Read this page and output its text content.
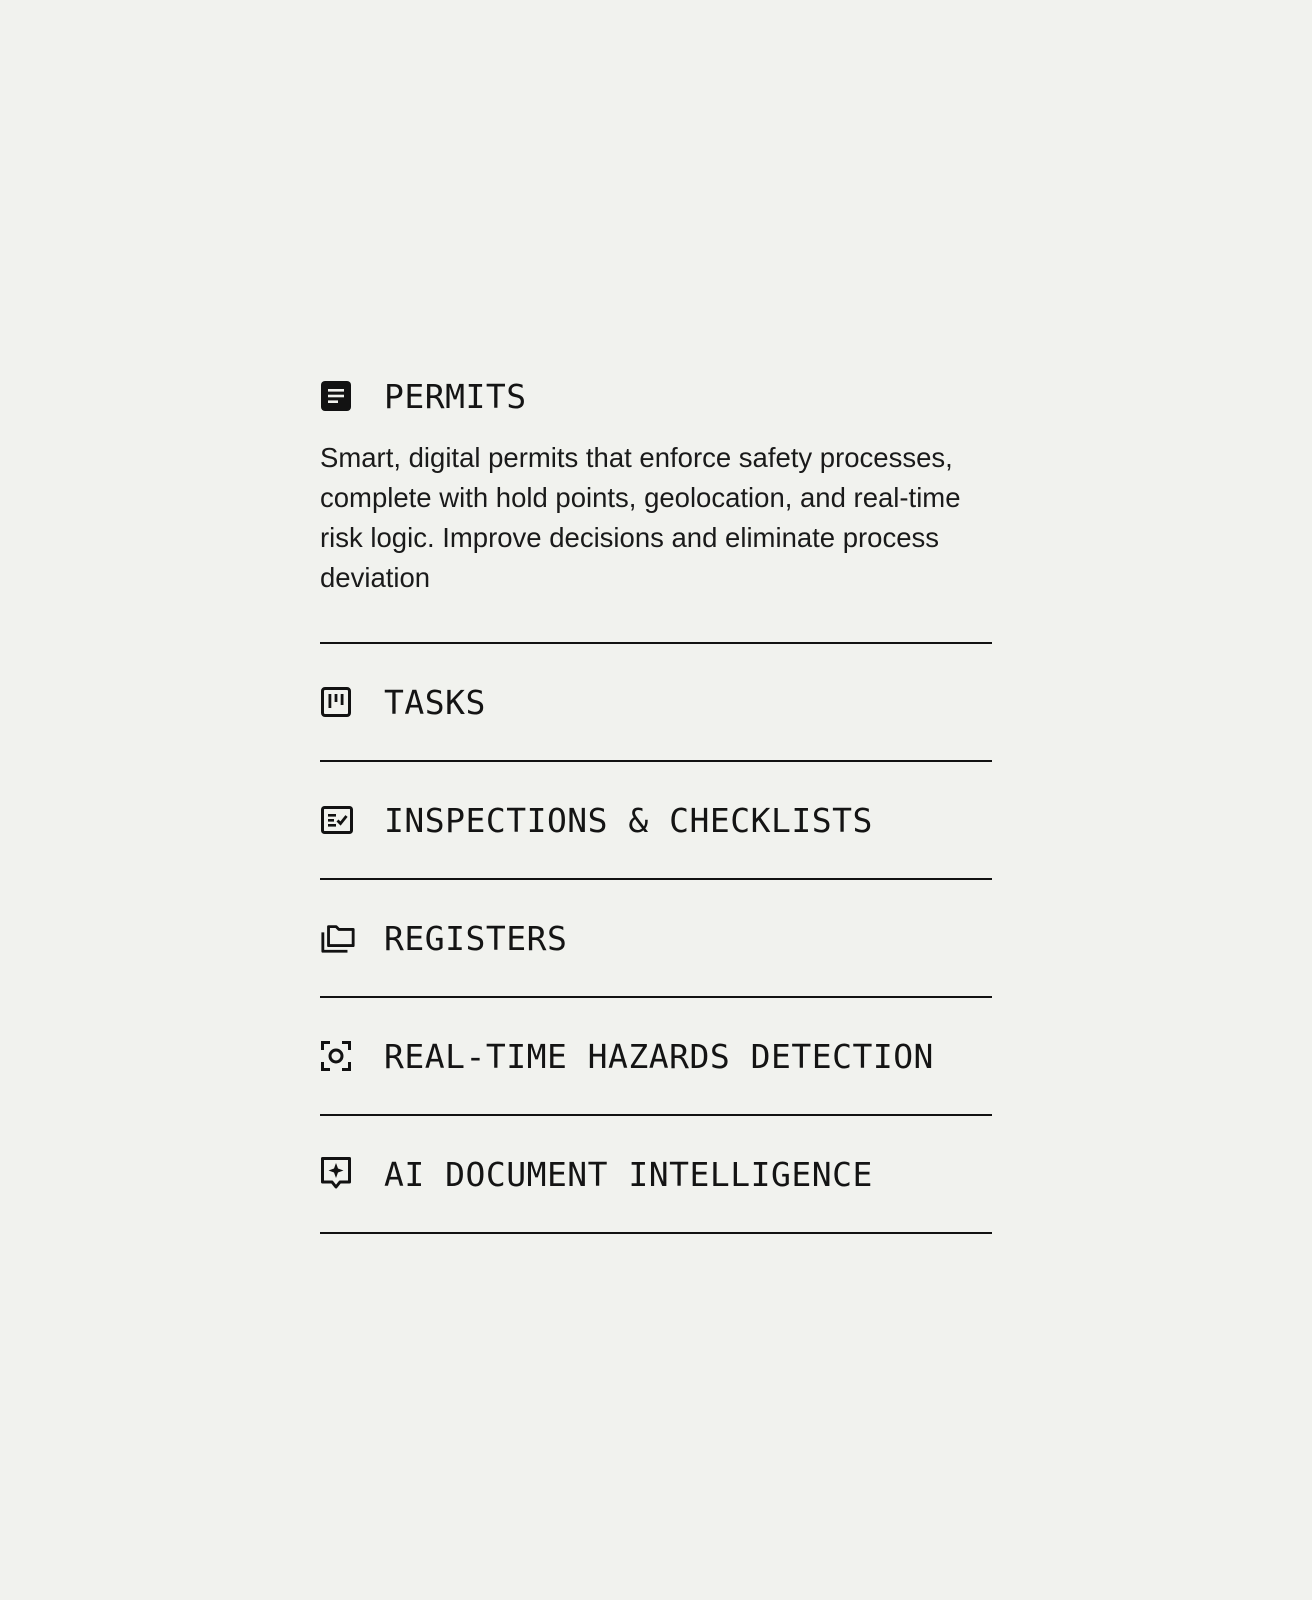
PERMITS

Smart, digital permits that enforce safety processes, complete with hold points, geolocation, and real-time risk logic. Improve decisions and eliminate process deviation

TASKS
INSPECTIONS & CHECKLISTS
REGISTERS
REAL-TIME HAZARDS DETECTION
AI DOCUMENT INTELLIGENCE
